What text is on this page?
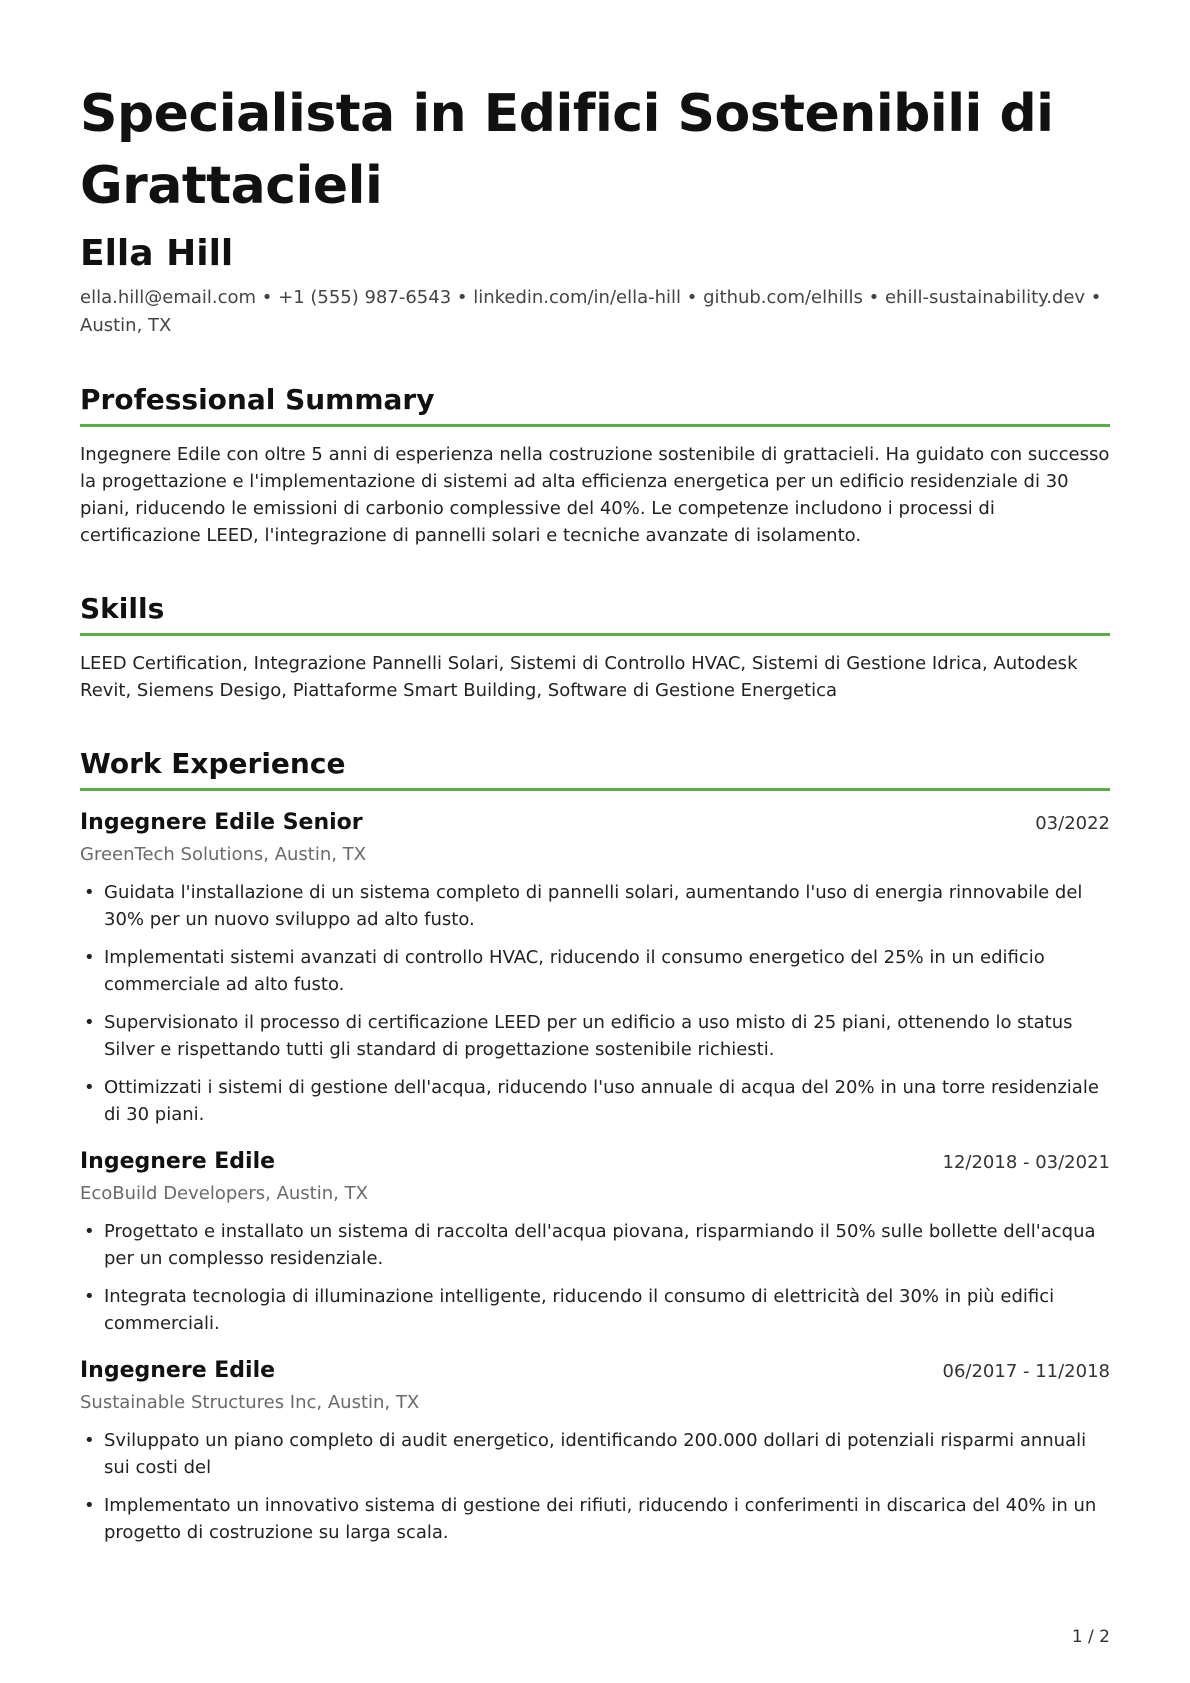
Specialista in Edifici Sostenibili di Grattacieli
Ella Hill

ella.hill@email.com • +1 (555) 987-6543 • linkedin.com/in/ella-hill • github.com/elhills • ehill-sustainability.dev • Austin, TX

Professional Summary

Ingegnere Edile con oltre 5 anni di esperienza nella costruzione sostenibile di grattacieli. Ha guidato con successo la progettazione e l'implementazione di sistemi ad alta efficienza energetica per un edificio residenziale di 30 piani, riducendo le emissioni di carbonio complessive del 40%. Le competenze includono i processi di certificazione LEED, l'integrazione di pannelli solari e tecniche avanzate di isolamento.

Skills

LEED Certification, Integrazione Pannelli Solari, Sistemi di Controllo HVAC, Sistemi di Gestione Idrica, Autodesk Revit, Siemens Desigo, Piattaforme Smart Building, Software di Gestione Energetica

Work Experience
Ingegnere Edile Senior	03/2022
GreenTech Solutions, Austin, TX
• Guidata l'installazione di un sistema completo di pannelli solari, aumentando l'uso di energia rinnovabile del 30% per un nuovo sviluppo ad alto fusto.
• Implementati sistemi avanzati di controllo HVAC, riducendo il consumo energetico del 25% in un edificio commerciale ad alto fusto.
• Supervisionato il processo di certificazione LEED per un edificio a uso misto di 25 piani, ottenendo lo status Silver e rispettando tutti gli standard di progettazione sostenibile richiesti.
• Ottimizzati i sistemi di gestione dell'acqua, riducendo l'uso annuale di acqua del 20% in una torre residenziale di 30 piani.
Ingegnere Edile	12/2018 - 03/2021
EcoBuild Developers, Austin, TX
• Progettato e installato un sistema di raccolta dell'acqua piovana, risparmiando il 50% sulle bollette dell'acqua per un complesso residenziale.
• Integrata tecnologia di illuminazione intelligente, riducendo il consumo di elettricità del 30% in più edifici commerciali.
Ingegnere Edile	06/2017 - 11/2018
Sustainable Structures Inc, Austin, TX
• Sviluppato un piano completo di audit energetico, identificando 200.000 dollari di potenziali risparmi annuali sui costi del
• Implementato un innovativo sistema di gestione dei rifiuti, riducendo i conferimenti in discarica del 40% in un progetto di costruzione su larga scala.
1 / 2
